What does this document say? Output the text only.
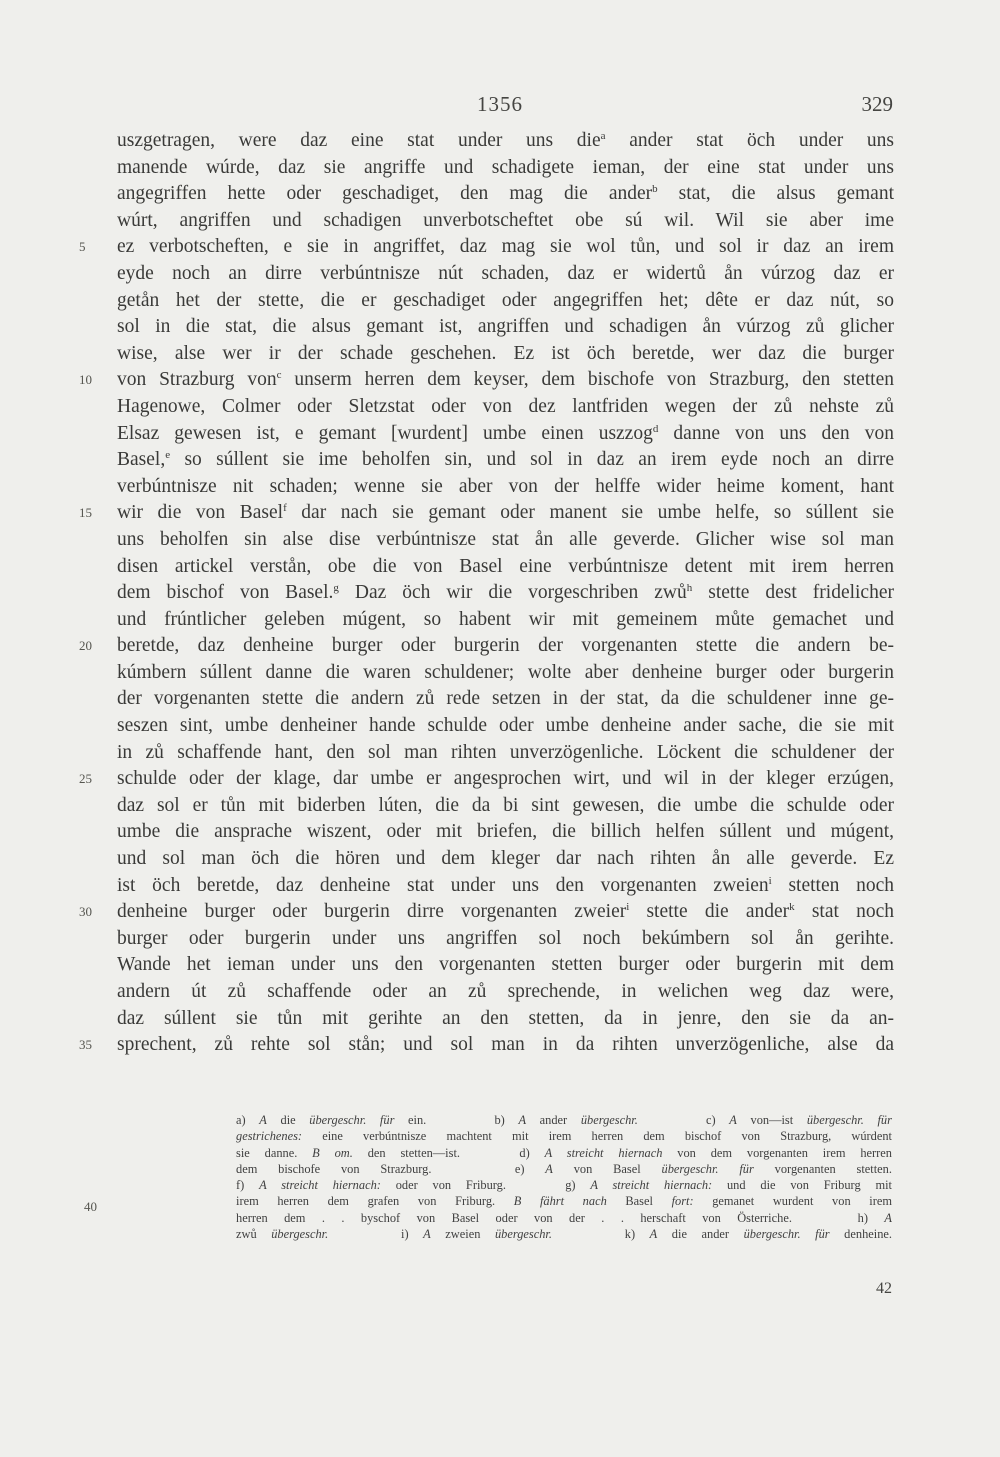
1356	329
uszgetragen, were daz eine stat under uns die$^a$ ander stat öch under uns
manende wúrde, daz sie angriffe und schadigete ieman, der eine stat under uns
angegriffen hette oder geschadiget, den mag die ander$^b$ stat, die alsus gemant
wúrt, angriffen und schadigen unverbotscheftet obe sú wil. Wil sie aber ime
5	ez verbotscheften, e sie in angriffet, daz mag sie wol tůn, und sol ir daz an irem
eyde noch an dirre verbúntnisze nút schaden, daz er widertů ån vúrzog daz er
getån het der stette, die er geschadiget oder angegriffen het; dête er daz nút, so
sol in die stat, die alsus gemant ist, angriffen und schadigen ån vúrzog zů glicher
wise, alse wer ir der schade geschehen. Ez ist öch beretde, wer daz die burger
10	von Strazburg von$^c$ unserm herren dem keyser, dem bischofe von Strazburg, den stetten
Hagenowe, Colmer oder Sletzstat oder von dez lantfriden wegen der zů nehste zů
Elsaz gewesen ist, e gemant [wurdent] umbe einen uszzog$^d$ danne von uns den von
Basel,$^e$ so súllent sie ime beholfen sin, und sol in daz an irem eyde noch an dirre
verbúntnisze nit schaden; wenne sie aber von der helffe wider heime koment, hant
15	wir die von Basel$^f$ dar nach sie gemant oder manent sie umbe helfe, so súllent sie
uns beholfen sin alse dise verbúntnisze stat ån alle geverde. Glicher wise sol man
disen artickel verstån, obe die von Basel eine verbúntnisze detent mit irem herren
dem bischof von Basel.$^g$ Daz öch wir die vorgeschriben zwů$^h$ stette dest fridelicher
und frúntlicher geleben múgent, so habent wir mit gemeinem můte gemachet und
20	beretde, daz denheine burger oder burgerin der vorgenanten stette die andern be-
kúmbern súllent danne die waren schuldener; wolte aber denheine burger oder burgerin
der vorgenanten stette die andern zů rede setzen in der stat, da die schuldener inne ge-
seszen sint, umbe denheiner hande schulde oder umbe denheine ander sache, die sie mit
in zů schaffende hant, den sol man rihten unverzögenliche. Löckent die schuldener der
25	schulde oder der klage, dar umbe er angesprochen wirt, und wil in der kleger erzúgen,
daz sol er tůn mit biderben lúten, die da bi sint gewesen, die umbe die schulde oder
umbe die ansprache wiszent, oder mit briefen, die billich helfen súllent und múgent,
und sol man öch die hören und dem kleger dar nach rihten ån alle geverde. Ez
ist öch beretde, daz denheine stat under uns den vorgenanten zweien$^i$ stetten noch
30	denheine burger oder burgerin dirre vorgenanten zweier$^i$ stette die ander$^k$ stat noch
burger oder burgerin under uns angriffen sol noch bekúmbern sol ån gerihte.
Wande het ieman under uns den vorgenanten stetten burger oder burgerin mit dem
andern út zů schaffende oder an zů sprechende, in welichen weg daz were,
daz súllent sie tůn mit gerihte an den stetten, da in jenre, den sie da an-
35	sprechent, zů rehte sol stån; und sol man in da rihten unverzögenliche, alse da
40
a) A die übergeschr. für ein.     b) A ander übergeschr.     c) A von—ist übergeschr. für
gestrichenes: eine verbúntnisze machtent mit irem herren dem bischof von Strazburg, wúrdent
sie danne. B om. den stetten—ist.    d) A streicht hiernach von dem vorgenanten irem herren
dem bischofe von Strazburg.    e) A von Basel übergeschr. für vorgenanten stetten.
f) A streicht hiernach: oder von Friburg.    g) A streicht hiernach: und die von Friburg mit
irem herren dem grafen von Friburg. B fährt nach Basel fort: gemanet wurdent von irem
herren dem . . byschof von Basel oder von der . . herschaft von Österriche.    h) A
zwů übergeschr.     i) A zweien übergeschr.     k) A die ander übergeschr. für denheine.
42
